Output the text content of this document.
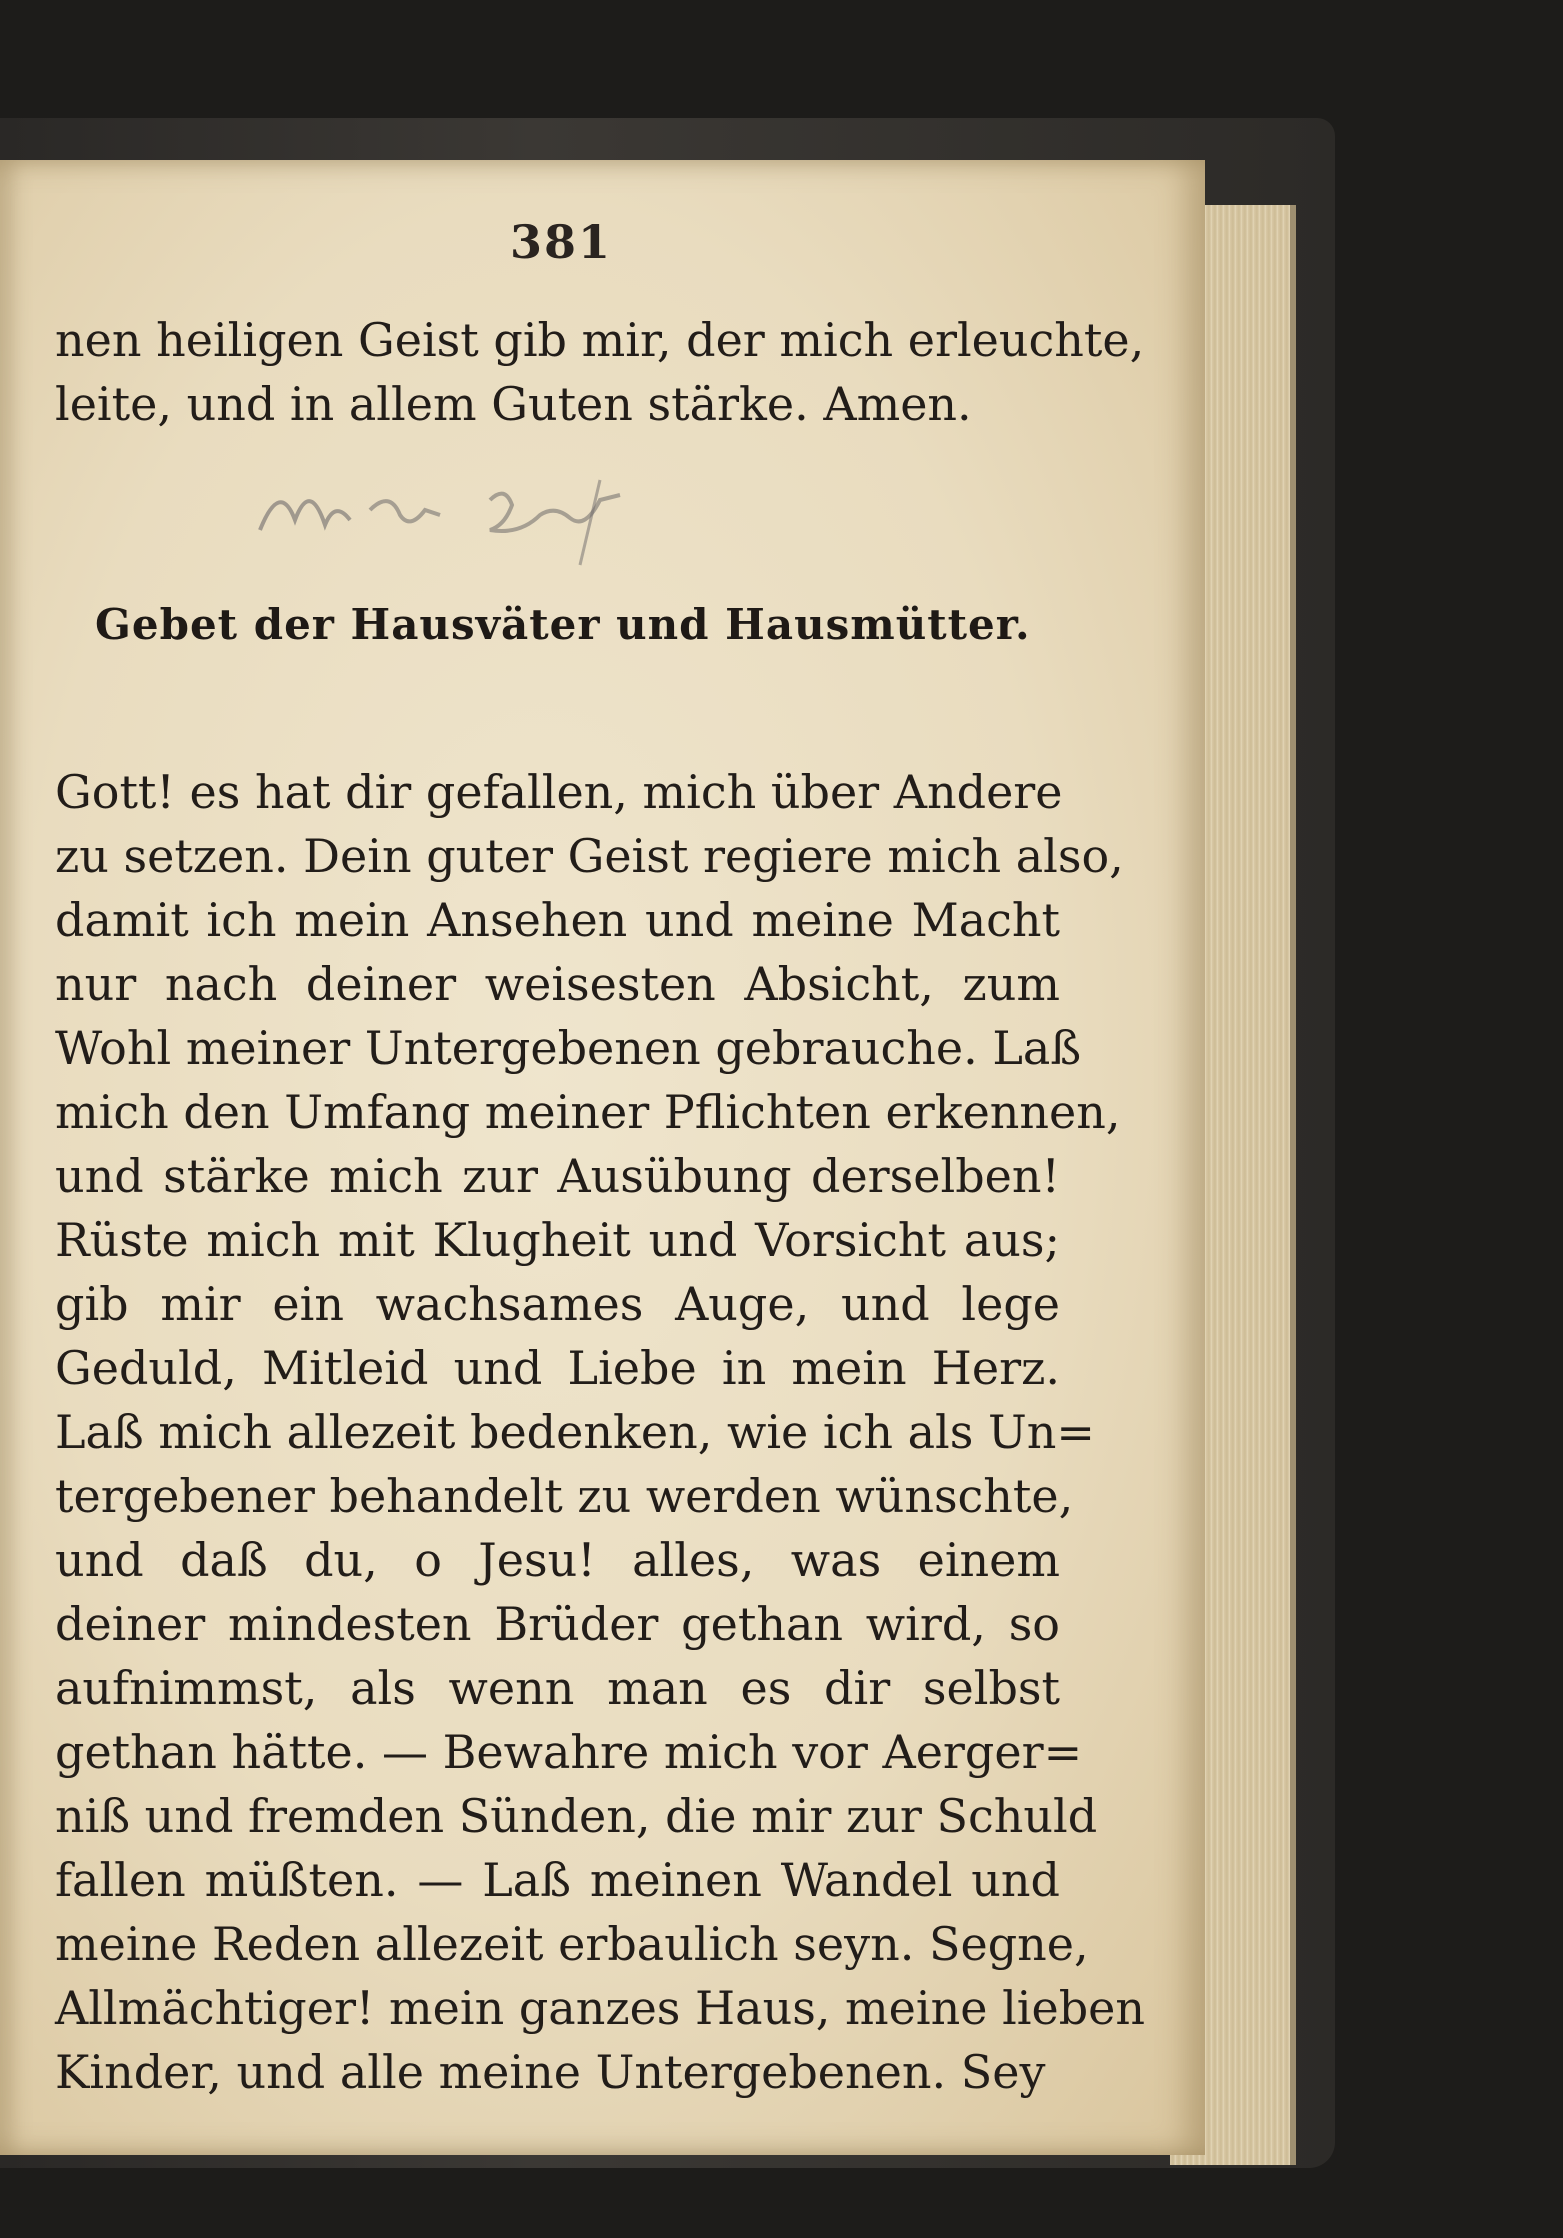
381
nen heiligen Geist gib mir, der mich erleuchte,
leite, und in allem Guten stärke. Amen.
Gebet der Hausväter und Hausmütter.
Gott! es hat dir gefallen, mich über Andere
zu setzen. Dein guter Geist regiere mich also,
damit ich mein Ansehen und meine Macht
nur nach deiner weisesten Absicht, zum
Wohl meiner Untergebenen gebrauche. Laß
mich den Umfang meiner Pflichten erkennen,
und stärke mich zur Ausübung derselben!
Rüste mich mit Klugheit und Vorsicht aus;
gib mir ein wachsames Auge, und lege
Geduld, Mitleid und Liebe in mein Herz.
Laß mich allezeit bedenken, wie ich als Un=
tergebener behandelt zu werden wünschte,
und daß du, o Jesu! alles, was einem
deiner mindesten Brüder gethan wird, so
aufnimmst, als wenn man es dir selbst
gethan hätte. — Bewahre mich vor Aerger=
niß und fremden Sünden, die mir zur Schuld
fallen müßten. — Laß meinen Wandel und
meine Reden allezeit erbaulich seyn. Segne,
Allmächtiger! mein ganzes Haus, meine lieben
Kinder, und alle meine Untergebenen. Sey
